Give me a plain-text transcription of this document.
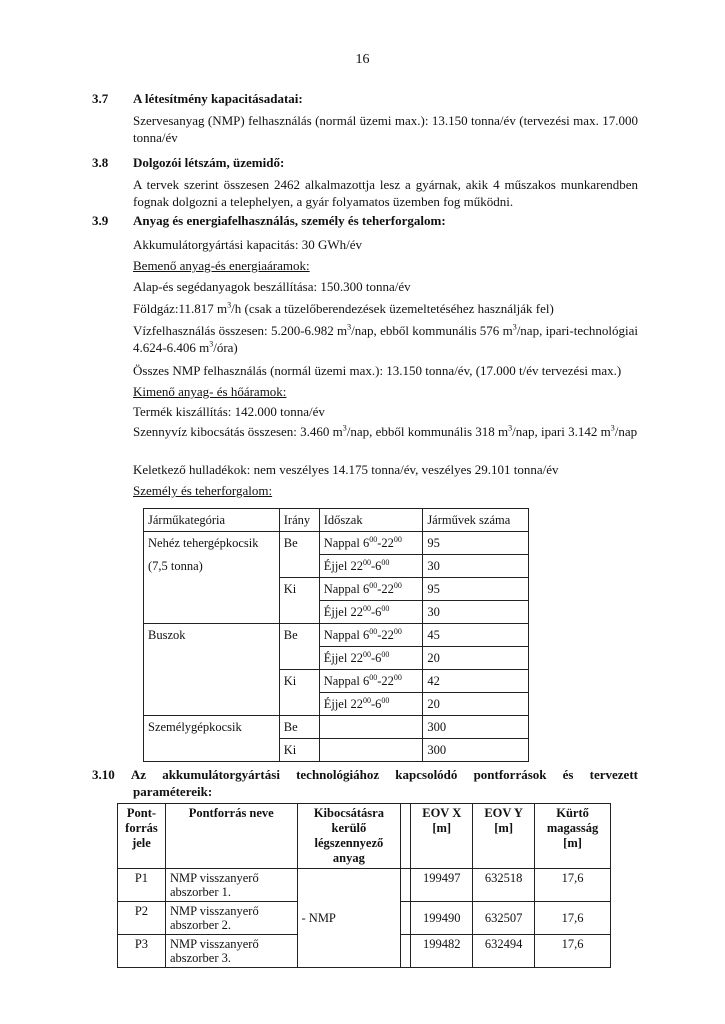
16
3.7 A létesítmény kapacitásadatai:
Szervesanyag (NMP) felhasználás (normál üzemi max.): 13.150 tonna/év (tervezési max. 17.000 tonna/év
3.8 Dolgozói létszám, üzemidő:
A tervek szerint összesen 2462 alkalmazottja lesz a gyárnak, akik 4 műszakos munkarendben fognak dolgozni a telephelyen, a gyár folyamatos üzemben fog működni.
3.9 Anyag és energiafelhasználás, személy és teherforgalom:
Akkumulátorgyártási kapacitás: 30 GWh/év
Bemenő anyag-és energiaáramok:
Alap-és segédanyagok beszállítása: 150.300 tonna/év
Földgáz:11.817 $m^3/h$ (csak a tüzelőberendezések üzemeltetéséhez használják fel)
Vízfelhasználás összesen: 5.200-6.982 $m^3$/nap, ebből kommunális 576 $m^3$/nap, ipari-technológiai 4.624-6.406 $m^3/óra$)
Összes NMP felhasználás (normál üzemi max.): 13.150 tonna/év, (17.000 t/év tervezési max.)
Kimenő anyag- és hőáramok:
Termék kiszállítás: 142.000 tonna/év
Szennyvíz kibocsátás összesen: 3.460 $m^3$/nap, ebből kommunális 318 $m^3$/nap, ipari 3.142 $m^3$/nap
Keletkező hulladékok: nem veszélyes 14.175 tonna/év, veszélyes 29.101 tonna/év
Személy és teherforgalom:
Járműkategória	Irány	Időszak	Járművek száma
Nehéz tehergépkocsik	Be	Nappal $6^{00}-22^{00}$	95
(7,5 tonna)		Éjjel $22^{00}-6^{00}$	30
	Ki	Nappal $6^{00}-22^{00}$	95
		Éjjel $22^{00}-6^{00}$	30
Buszok	Be	Nappal $6^{00}-22^{00}$	45
		Éjjel $22^{00}-6^{00}$	20
	Ki	Nappal $6^{00}-22^{00}$	42
		Éjjel $22^{00}-6^{00}$	20
Személygépkocsik	Be		300
	Ki		300
3.10 Az akkumulátorgyártási technológiához kapcsolódó pontforrások és tervezett
paramétereik:
Pont-forrás jele	Pontforrás neve	Kibocsátásra kerülő légszennyező anyag		EOV X [m]	EOV Y [m]	Kürtő magasság [m]
P1	NMP visszanyerő abszorber 1.	- NMP		199497	632518	17,6
P2	NMP visszanyerő abszorber 2.			199490	632507	17,6
P3	NMP visszanyerő abszorber 3.			199482	632494	17,6
